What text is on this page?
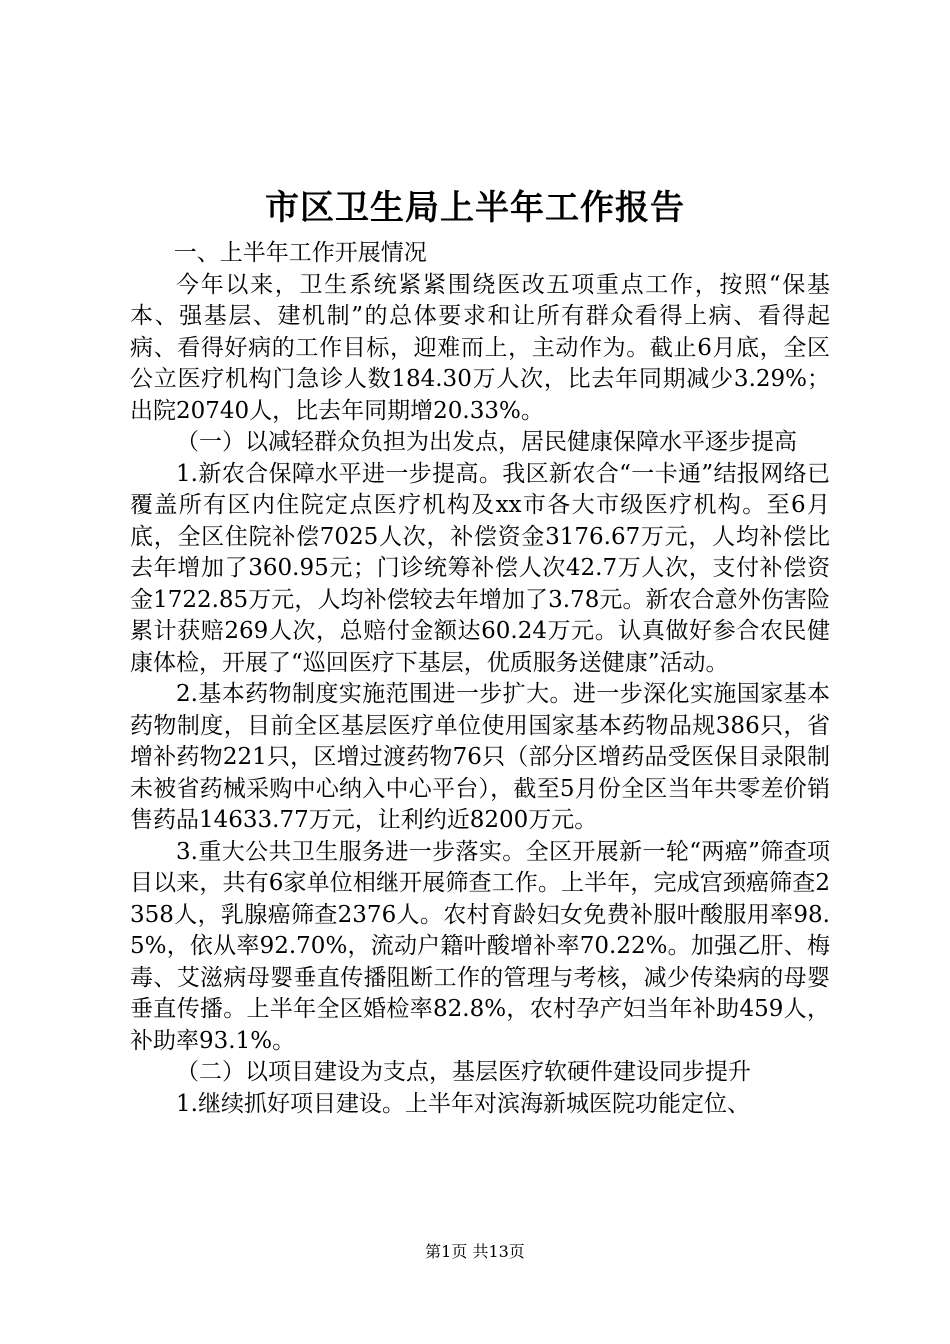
市区卫生局上半年工作报告

一、上半年工作开展情况

今年以来，卫生系统紧紧围绕医改五项重点工作，按照“保基本、强基层、建机制”的总体要求和让所有群众看得上病、看得起病、看得好病的工作目标，迎难而上，主动作为。截止6月底，全区公立医疗机构门急诊人数184.30万人次，比去年同期减少3.29%；出院20740人，比去年同期增20.33%。

（一）以减轻群众负担为出发点，居民健康保障水平逐步提高

1.新农合保障水平进一步提高。我区新农合“一卡通”结报网络已覆盖所有区内住院定点医疗机构及xx市各大市级医疗机构。至6月底，全区住院补偿7025人次，补偿资金3176.67万元，人均补偿比去年增加了360.95元；门诊统筹补偿人次42.7万人次，支付补偿资金1722.85万元，人均补偿较去年增加了3.78元。新农合意外伤害险累计获赔269人次，总赔付金额达60.24万元。认真做好参合农民健康体检，开展了“巡回医疗下基层，优质服务送健康”活动。

2.基本药物制度实施范围进一步扩大。进一步深化实施国家基本药物制度，目前全区基层医疗单位使用国家基本药物品规386只，省增补药物221只，区增过渡药物76只（部分区增药品受医保目录限制未被省药械采购中心纳入中心平台），截至5月份全区当年共零差价销售药品14633.77万元，让利约近8200万元。

3.重大公共卫生服务进一步落实。全区开展新一轮“两癌”筛查项目以来，共有6家单位相继开展筛查工作。上半年，完成宫颈癌筛查2358人，乳腺癌筛查2376人。农村育龄妇女免费补服叶酸服用率98.5%，依从率92.70%，流动户籍叶酸增补率70.22%。加强乙肝、梅毒、艾滋病母婴垂直传播阻断工作的管理与考核，减少传染病的母婴垂直传播。上半年全区婚检率82.8%，农村孕产妇当年补助459人，补助率93.1%。

（二）以项目建设为支点，基层医疗软硬件建设同步提升

1.继续抓好项目建设。上半年对滨海新城医院功能定位、

第1页 共13页
